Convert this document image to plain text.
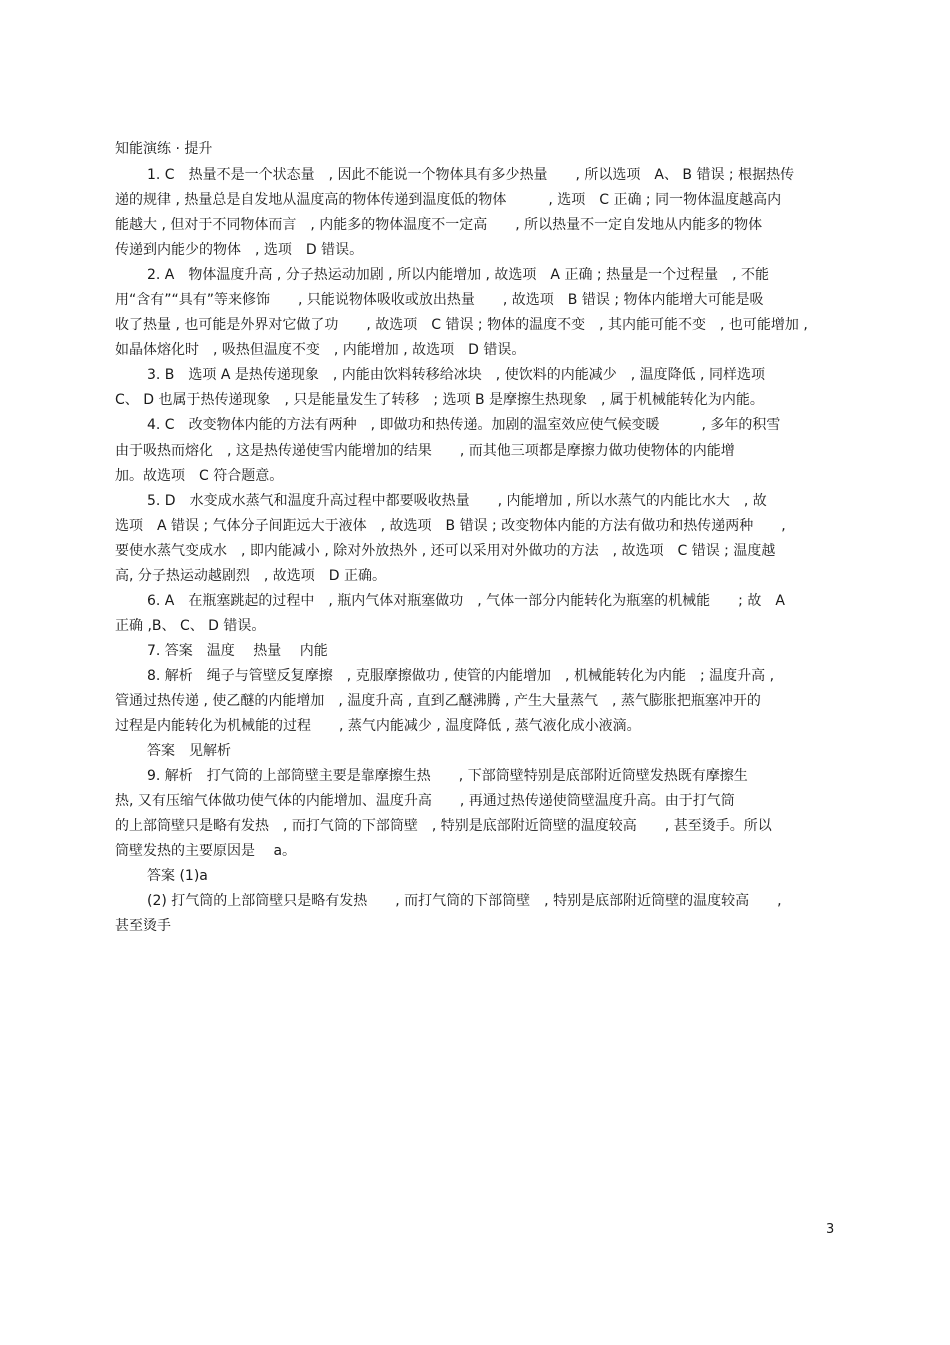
知能演练 · 提升
1. C　热量不是一个状态量　, 因此不能说一个物体具有多少热量　　, 所以选项　A、 B 错误 ; 根据热传
递的规律 , 热量总是自发地从温度高的物体传递到温度低的物体　　　, 选项　C 正确 ; 同一物体温度越高内
能越大 , 但对于不同物体而言　, 内能多的物体温度不一定高　　, 所以热量不一定自发地从内能多的物体
传递到内能少的物体　, 选项　D 错误。
2. A　物体温度升高 , 分子热运动加剧 , 所以内能增加 , 故选项　A 正确 ; 热量是一个过程量　, 不能
用“含有”“具有”等来修饰　　, 只能说物体吸收或放出热量　　, 故选项　B 错误 ; 物体内能增大可能是吸
收了热量 , 也可能是外界对它做了功　　, 故选项　C 错误 ; 物体的温度不变　, 其内能可能不变　, 也可能增加 ,
如晶体熔化时　, 吸热但温度不变　, 内能增加 , 故选项　D 错误。
3. B　选项 A 是热传递现象　, 内能由饮料转移给冰块　, 使饮料的内能减少　, 温度降低 , 同样选项
C、 D 也属于热传递现象　, 只是能量发生了转移　; 选项 B 是摩擦生热现象　, 属于机械能转化为内能。
4. C　改变物体内能的方法有两种　, 即做功和热传递。加剧的温室效应使气候变暖　　　, 多年的积雪
由于吸热而熔化　, 这是热传递使雪内能增加的结果　　, 而其他三项都是摩擦力做功使物体的内能增
加。故选项　C 符合题意。
5. D　水变成水蒸气和温度升高过程中都要吸收热量　　, 内能增加 , 所以水蒸气的内能比水大　, 故
选项　A 错误 ; 气体分子间距远大于液体　, 故选项　B 错误 ; 改变物体内能的方法有做功和热传递两种　　,
要使水蒸气变成水　, 即内能减小 , 除对外放热外 , 还可以采用对外做功的方法　, 故选项　C 错误 ; 温度越
高, 分子热运动越剧烈　, 故选项　D 正确。
6. A　在瓶塞跳起的过程中　, 瓶内气体对瓶塞做功　, 气体一部分内能转化为瓶塞的机械能　　; 故　A
正确 ,B、 C、 D 错误。
7. 答案　温度　 热量　 内能
8. 解析　绳子与管壁反复摩擦　, 克服摩擦做功 , 使管的内能增加　, 机械能转化为内能　; 温度升高 ,
管通过热传递 , 使乙醚的内能增加　, 温度升高 , 直到乙醚沸腾 , 产生大量蒸气　, 蒸气膨胀把瓶塞冲开的
过程是内能转化为机械能的过程　　, 蒸气内能减少 , 温度降低 , 蒸气液化成小液滴。
答案　见解析
9. 解析　打气筒的上部筒壁主要是靠摩擦生热　　, 下部筒壁特别是底部附近筒壁发热既有摩擦生
热, 又有压缩气体做功使气体的内能增加、温度升高　　, 再通过热传递使筒壁温度升高。由于打气筒
的上部筒壁只是略有发热　, 而打气筒的下部筒壁　, 特别是底部附近筒壁的温度较高　　, 甚至烫手。所以
筒壁发热的主要原因是　 a。
答案 (1)a
(2) 打气筒的上部筒壁只是略有发热　　, 而打气筒的下部筒壁　, 特别是底部附近筒壁的温度较高　　,
甚至烫手
3
